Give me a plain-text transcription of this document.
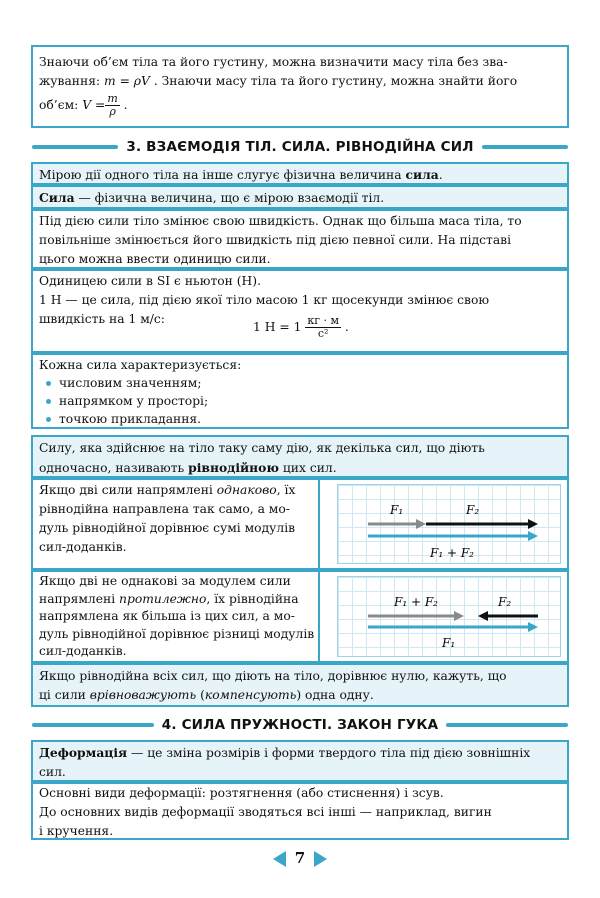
Знаючи об’єм тіла та його густину, можна визначити масу тіла без зва-
жування: m = ρV . Знаючи масу тіла та його густину, можна знайти його
об’єм: $V = \frac{m}{\rho}$ .
3. ВЗАЄМОДІЯ ТІЛ. СИЛА. РІВНОДІЙНА СИЛ
Мірою дії одного тіла на інше слугує фізична величина сила.
Сила — фізична величина, що є мірою взаємодії тіл.
Під дією сили тіло змінює свою швидкість. Однак що більша маса тіла, то
повільніше змінюється його швидкість під дією певної сили. На підставі
цього можна ввести одиницю сили.
Одиницею сили в SI є ньютон (Н).
1 Н — це сила, під дією якої тіло масою 1 кг щосекунди змінює свою
швидкість на 1 м/с:
1 $Н = 1 \frac{кг \cdot м}{\text{с²}}$ .
Кожна сила характеризується:
числовим значенням;
напрямком у просторі;
точкою прикладання.
Силу, яка здійснює на тіло таку саму дію, як декілька сил, що діють
одночасно, називають рівнодійною цих сил.
Якщо дві сили напрямлені однаково, їх
рівнодійна направлена так само, а мо-
дуль рівнодійної дорівнює сумі модулів
сил-доданків.
F₁	F₂
F₁ + F₂
Якщо дві не однакові за модулем сили
напрямлені протилежно, їх рівнодійна
напрямлена як більша із цих сил, а мо-
дуль рівнодійної дорівнює різниці модулів
сил-доданків.
F₁ + F₂	F₂
F₁
Якщо рівнодійна всіх сил, що діють на тіло, дорівнює нулю, кажуть, що
ці сили врівноважують (компенсують) одна одну.
4. СИЛА ПРУЖНОСТІ. ЗАКОН ГУКА
Деформація — це зміна розмірів і форми твердого тіла під дією зовнішніх
сил.
Основні види деформації: розтягнення (або стиснення) і зсув.
До основних видів деформації зводяться всі інші — наприклад, вигин
і кручення.
7
